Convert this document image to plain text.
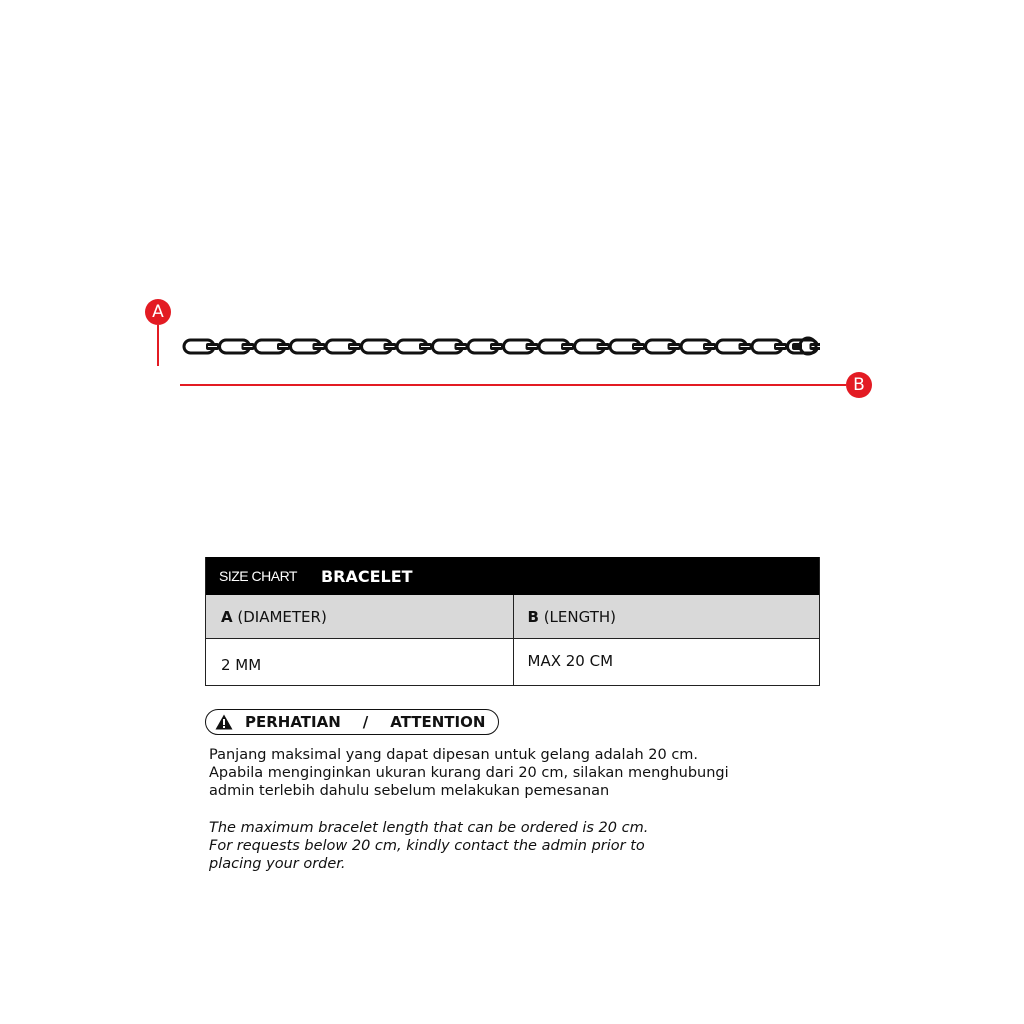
A
B
SIZE CHART BRACELET
A (DIAMETER)	B (LENGTH)
2 MM	MAX 20 CM
PERHATIAN / ATTENTION
Panjang maksimal yang dapat dipesan untuk gelang adalah 20 cm.
Apabila menginginkan ukuran kurang dari 20 cm, silakan menghubungi
admin terlebih dahulu sebelum melakukan pemesanan
The maximum bracelet length that can be ordered is 20 cm.
For requests below 20 cm, kindly contact the admin prior to
placing your order.
